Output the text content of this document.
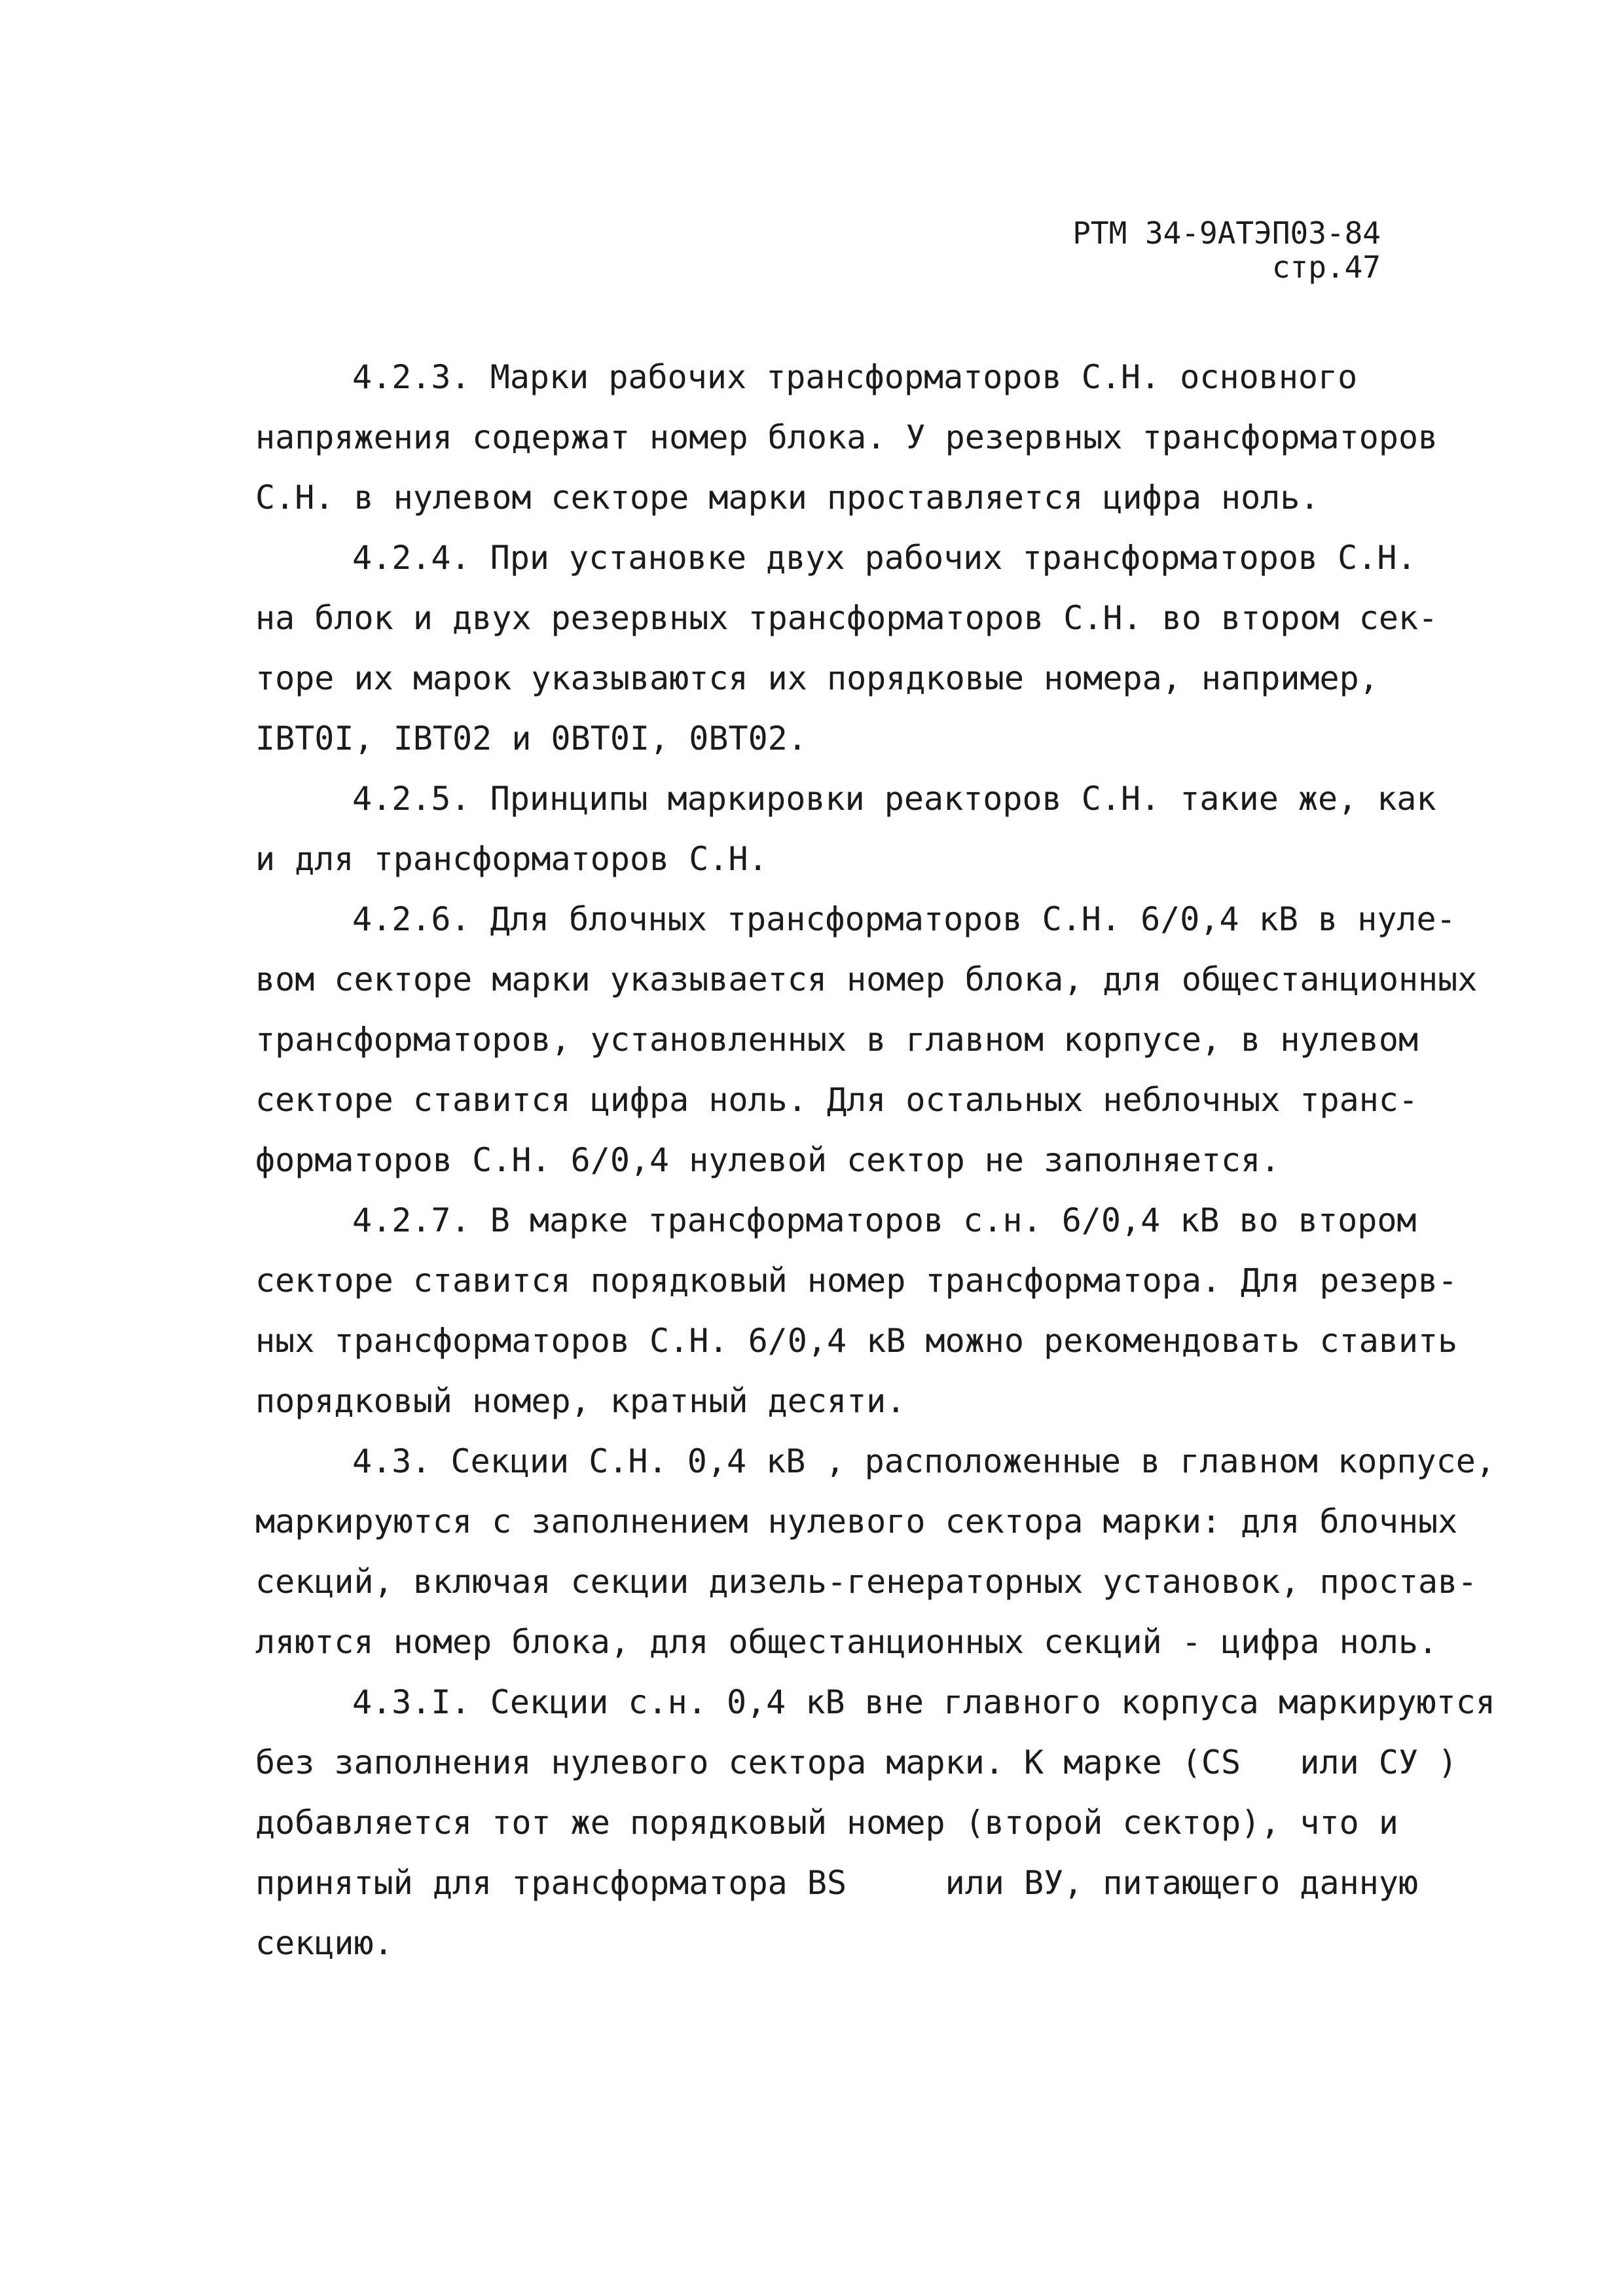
РТМ 34-9АТЭП03-84
стр.47
4.2.3. Марки рабочих трансформаторов С.Н. основного
напряжения содержат номер блока. У резервных трансформаторов
С.Н. в нулевом секторе марки проставляется цифра ноль.
4.2.4. При установке двух рабочих трансформаторов С.Н.
на блок и двух резервных трансформаторов С.Н. во втором сек-
торе их марок указываются их порядковые номера, например,
IВТ0I, IВТ02 и 0ВТ0I, 0ВТ02.
4.2.5. Принципы маркировки реакторов С.Н. такие же, как
и для трансформаторов С.Н.
4.2.6. Для блочных трансформаторов С.Н. 6/0,4 кВ в нуле-
вом секторе марки указывается номер блока, для общестанционных
трансформаторов, установленных в главном корпусе, в нулевом
секторе ставится цифра ноль. Для остальных неблочных транс-
форматоров С.Н. 6/0,4 нулевой сектор не заполняется.
4.2.7. В марке трансформаторов с.н. 6/0,4 кВ во втором
секторе ставится порядковый номер трансформатора. Для резерв-
ных трансформаторов С.Н. 6/0,4 кВ можно рекомендовать ставить
порядковый номер, кратный десяти.
4.3. Секции С.Н. 0,4 кВ , расположенные в главном корпусе,
маркируются с заполнением нулевого сектора марки: для блочных
секций, включая секции дизель-генераторных установок, простав-
ляются номер блока, для общестанционных секций - цифра ноль.
4.3.I. Секции с.н. 0,4 кВ вне главного корпуса маркируются
без заполнения нулевого сектора марки. К марке (CS   или CУ )
добавляется тот же порядковый номер (второй сектор), что и
принятый для трансформатора BS     или BУ, питающего данную
секцию.
